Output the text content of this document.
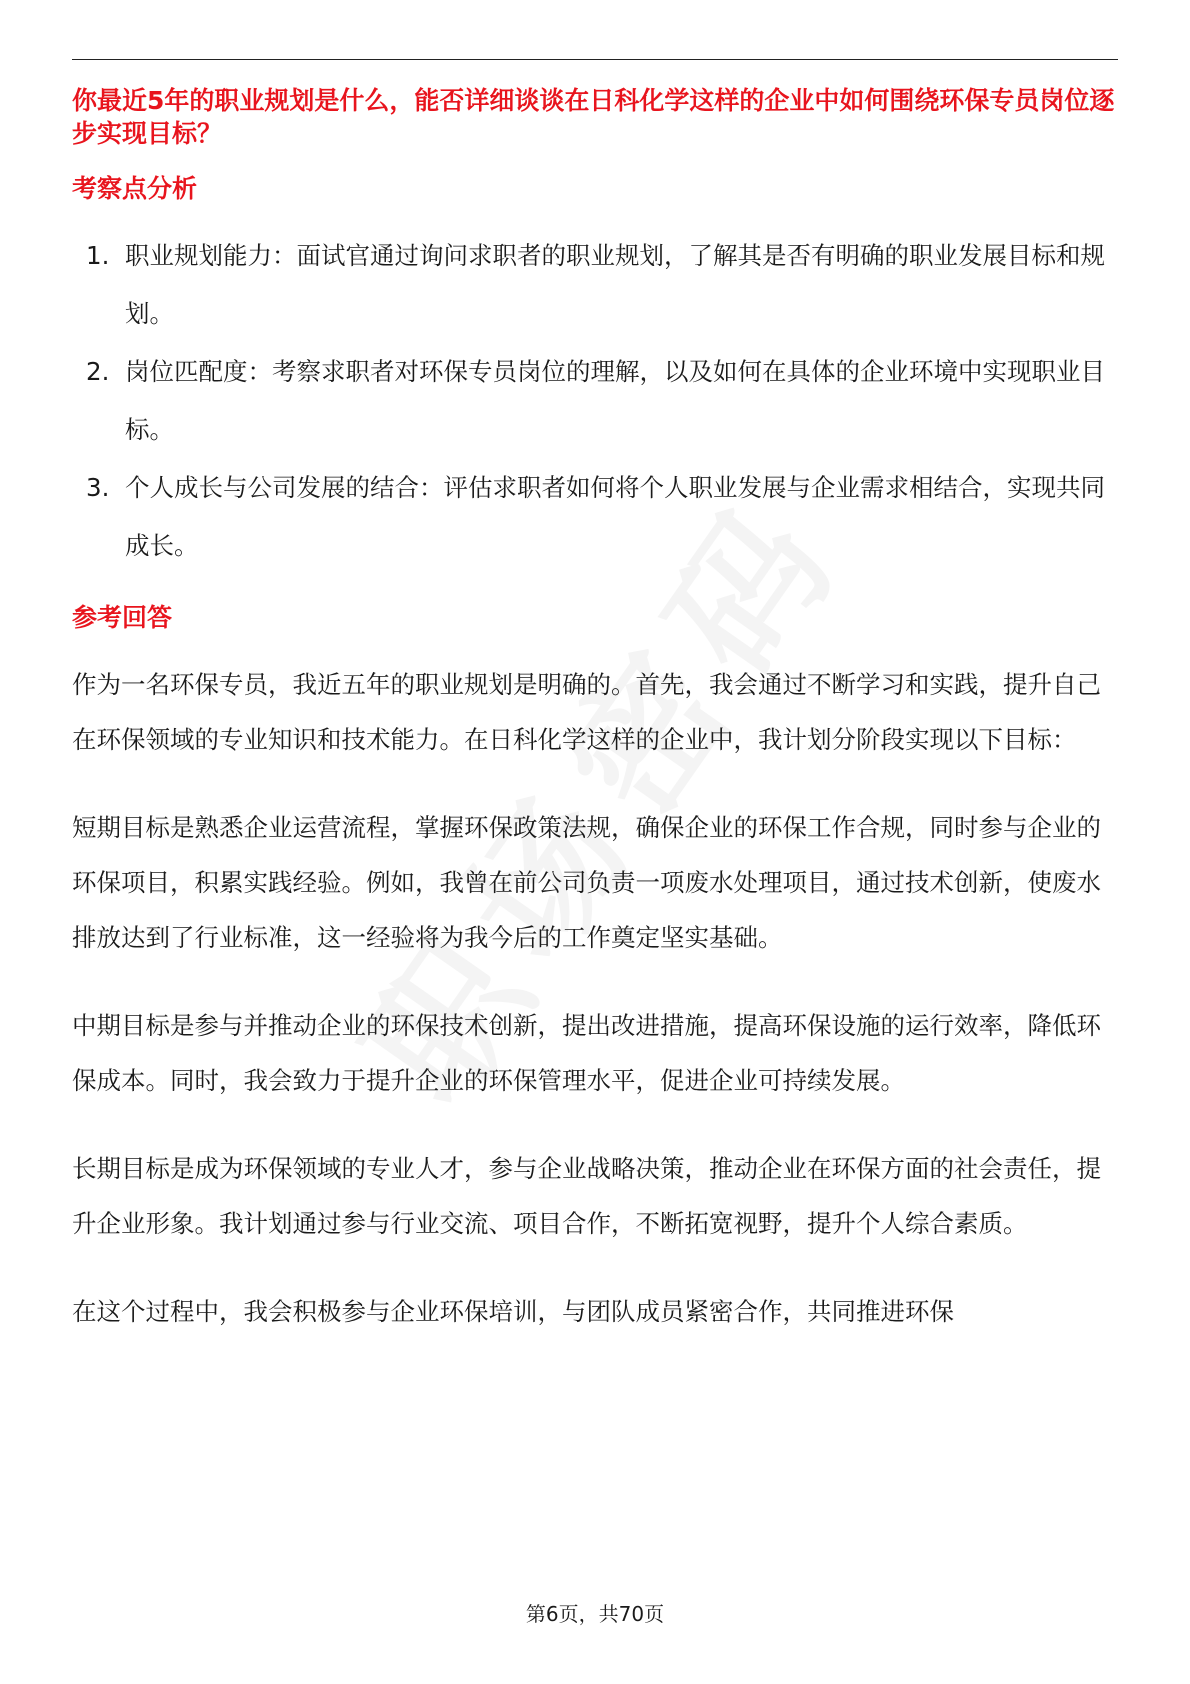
你最近5年的职业规划是什么，能否详细谈谈在日科化学这样的企业中如何围绕环保专员岗位逐步实现目标？

考察点分析

1. 职业规划能力：面试官通过询问求职者的职业规划，了解其是否有明确的职业发展目标和规划。
2. 岗位匹配度：考察求职者对环保专员岗位的理解，以及如何在具体的企业环境中实现职业目标。
3. 个人成长与公司发展的结合：评估求职者如何将个人职业发展与企业需求相结合，实现共同成长。

参考回答

作为一名环保专员，我近五年的职业规划是明确的。首先，我会通过不断学习和实践，提升自己在环保领域的专业知识和技术能力。在日科化学这样的企业中，我计划分阶段实现以下目标：

短期目标是熟悉企业运营流程，掌握环保政策法规，确保企业的环保工作合规，同时参与企业的环保项目，积累实践经验。例如，我曾在前公司负责一项废水处理项目，通过技术创新，使废水排放达到了行业标准，这一经验将为我今后的工作奠定坚实基础。

中期目标是参与并推动企业的环保技术创新，提出改进措施，提高环保设施的运行效率，降低环保成本。同时，我会致力于提升企业的环保管理水平，促进企业可持续发展。

长期目标是成为环保领域的专业人才，参与企业战略决策，推动企业在环保方面的社会责任，提升企业形象。我计划通过参与行业交流、项目合作，不断拓宽视野，提升个人综合素质。

在这个过程中，我会积极参与企业环保培训，与团队成员紧密合作，共同推进环保

第6页，共70页
